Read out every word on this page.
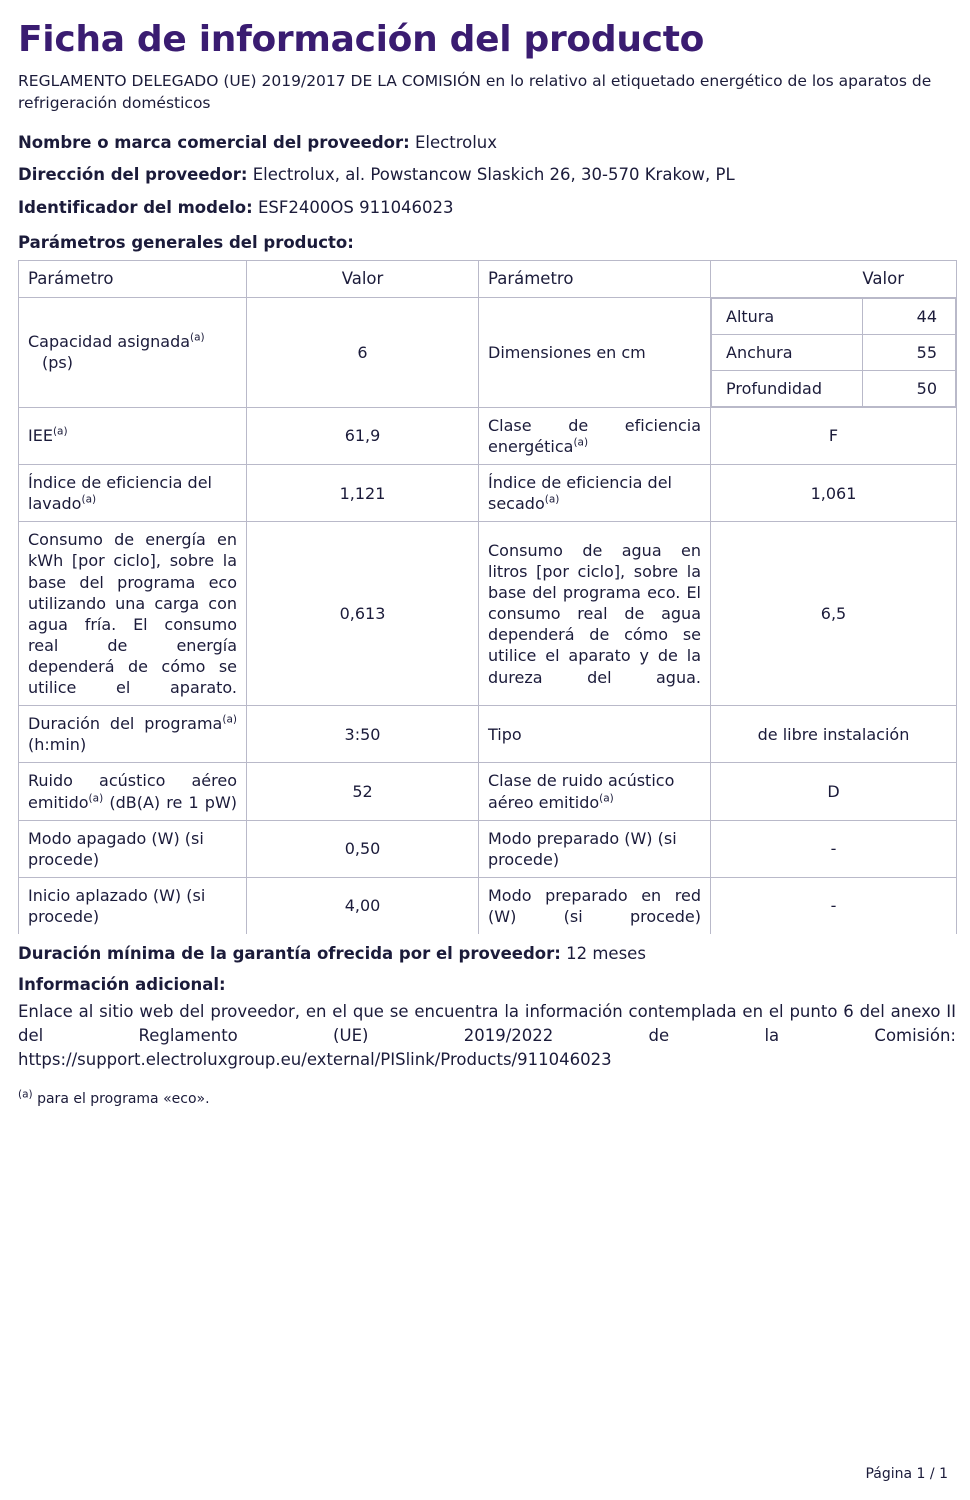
Ficha de información del producto
REGLAMENTO DELEGADO (UE) 2019/2017 DE LA COMISIÓN en lo relativo al etiquetado energético de los aparatos de refrigeración domésticos
Nombre o marca comercial del proveedor: Electrolux
Dirección del proveedor: Electrolux, al. Powstancow Slaskich 26, 30-570 Krakow, PL
Identificador del modelo: ESF2400OS 911046023
Parámetros generales del producto:
Parámetro	Valor	Parámetro	Valor
Capacidad asignada$^{(a)}$
(ps)	6	Dimensiones en cm	
Altura	44
Anchura	55
Profundidad	50

IEE$^{(a)}$	61,9	Clase de eficiencia energética$^{(a)}$	F
Índice de eficiencia del lavado$^{(a)}$	1,121	Índice de eficiencia del secado$^{(a)}$	1,061
Consumo de energía en kWh [por ciclo], sobre la base del programa eco utilizando una carga con agua fría. El consumo real de energía dependerá de cómo se utilice el aparato.	0,613	Consumo de agua en litros [por ciclo], sobre la base del programa eco. El consumo real de agua dependerá de cómo se utilice el aparato y de la dureza del agua.	6,5
Duración del programa$^{(a)}$ (h:min)	3:50	Tipo	de libre instalación
Ruido acústico aéreo emitido$^{(a)}$ (dB(A) re 1 pW)	52	Clase de ruido acústico aéreo emitido$^{(a)}$	D
Modo apagado (W) (si procede)	0,50	Modo preparado (W) (si procede)	-
Inicio aplazado (W) (si procede)	4,00	Modo preparado en red (W) (si procede)	-
Duración mínima de la garantía ofrecida por el proveedor: 12 meses
Información adicional:
Enlace al sitio web del proveedor, en el que se encuentra la información contemplada en el punto 6 del anexo II del Reglamento (UE) 2019/2022 de la Comisión: https://support.electroluxgroup.eu/external/PISlink/Products/911046023
$^{(a)}$ para el programa «eco».
Página 1 / 1
